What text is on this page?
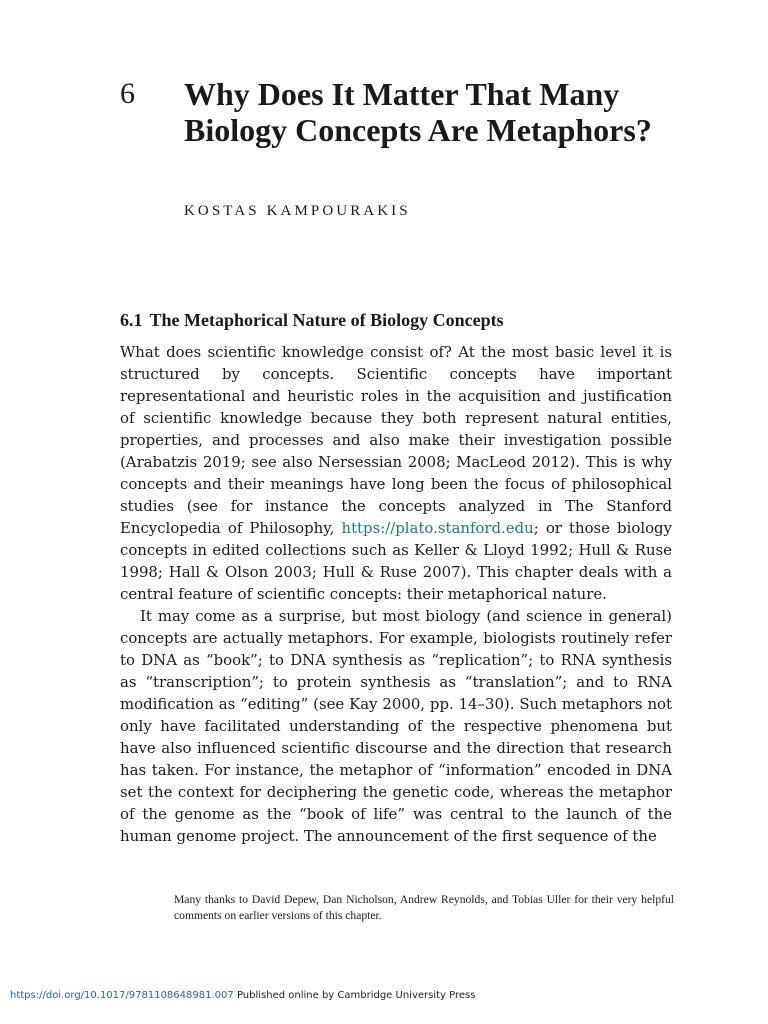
6 Why Does It Matter That Many Biology Concepts Are Metaphors?
KOSTAS KAMPOURAKIS
6.1 The Metaphorical Nature of Biology Concepts

What does scientific knowledge consist of? At the most basic level it is structured by concepts. Scientific concepts have important representational and heuristic roles in the acquisition and justification of scientific knowledge because they both represent natural entities, properties, and processes and also make their investigation possible (Arabatzis 2019; see also Nersessian 2008; MacLeod 2012). This is why concepts and their meanings have long been the focus of philosophical studies (see for instance the concepts analyzed in The Stanford Encyclopedia of Philosophy, https://plato.stanford.edu; or those biology concepts in edited collections such as Keller & Lloyd 1992; Hull & Ruse 1998; Hall & Olson 2003; Hull & Ruse 2007). This chapter deals with a central feature of scientific concepts: their metaphorical nature.

It may come as a surprise, but most biology (and science in general) concepts are actually metaphors. For example, biologists routinely refer to DNA as “book”; to DNA synthesis as “replication”; to RNA synthesis as “transcription”; to protein synthesis as “translation”; and to RNA modification as “editing” (see Kay 2000, pp. 14–30). Such metaphors not only have facilitated understanding of the respective phenomena but have also influenced scientific discourse and the direction that research has taken. For instance, the metaphor of “information” encoded in DNA set the context for deciphering the genetic code, whereas the metaphor of the genome as the “book of life” was central to the launch of the human genome project. The announcement of the first sequence of the

Many thanks to David Depew, Dan Nicholson, Andrew Reynolds, and Tobias Uller for their very helpful comments on earlier versions of this chapter.

https://doi.org/10.1017/9781108648981.007 Published online by Cambridge University Press
